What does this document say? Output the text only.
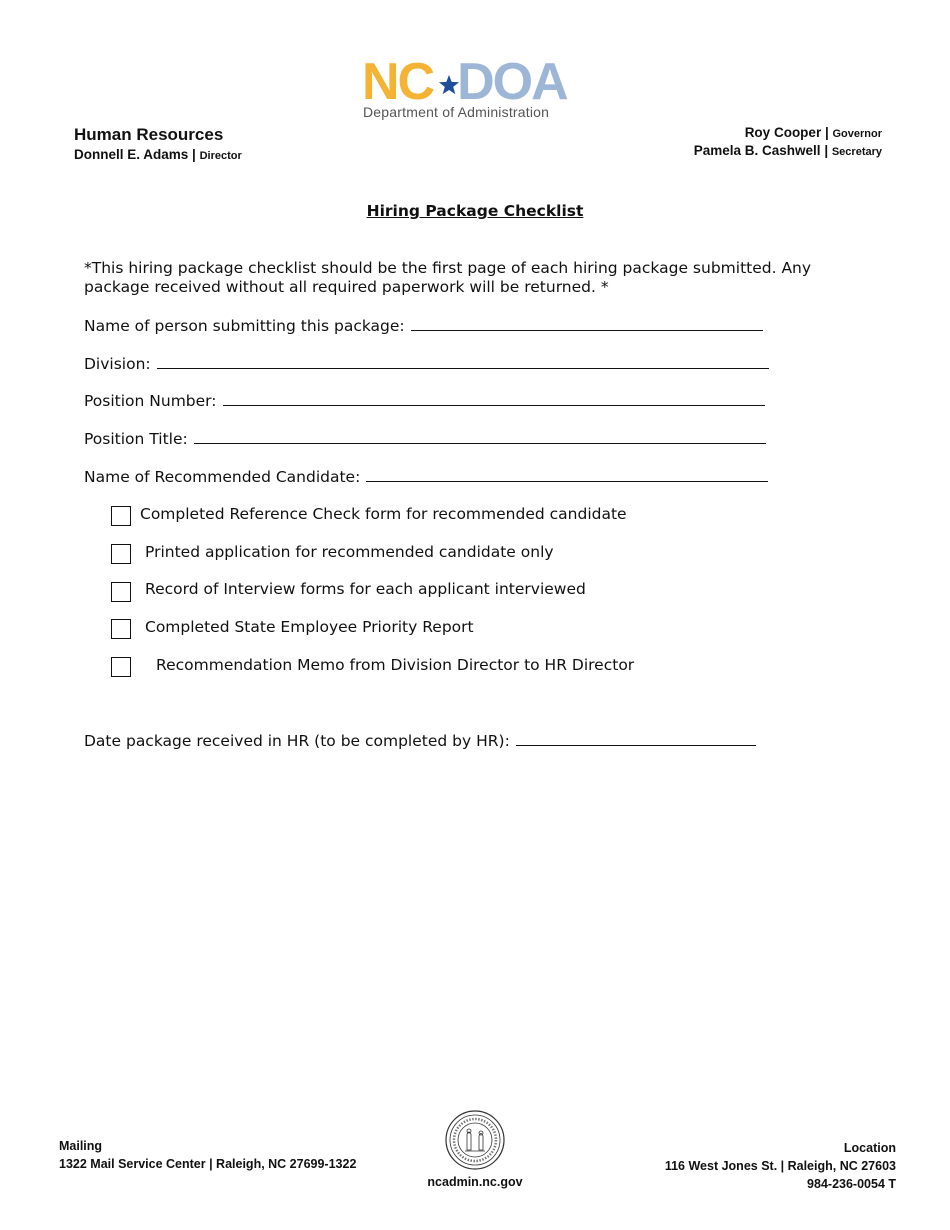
NC DOA
Department of Administration
Human Resources
Donnell E. Adams | Director
Roy Cooper | Governor
Pamela B. Cashwell | Secretary
Hiring Package Checklist
*This hiring package checklist should be the first page of each hiring package submitted. Any package received without all required paperwork will be returned. *
Name of person submitting this package:
Division:
Position Number:
Position Title:
Name of Recommended Candidate:
Completed Reference Check form for recommended candidate
Printed application for recommended candidate only
Record of Interview forms for each applicant interviewed
Completed State Employee Priority Report
Recommendation Memo from Division Director to HR Director
Date package received in HR (to be completed by HR):
Mailing
1322 Mail Service Center | Raleigh, NC 27699-1322
ncadmin.nc.gov
Location
116 West Jones St. | Raleigh, NC 27603
984-236-0054 T
